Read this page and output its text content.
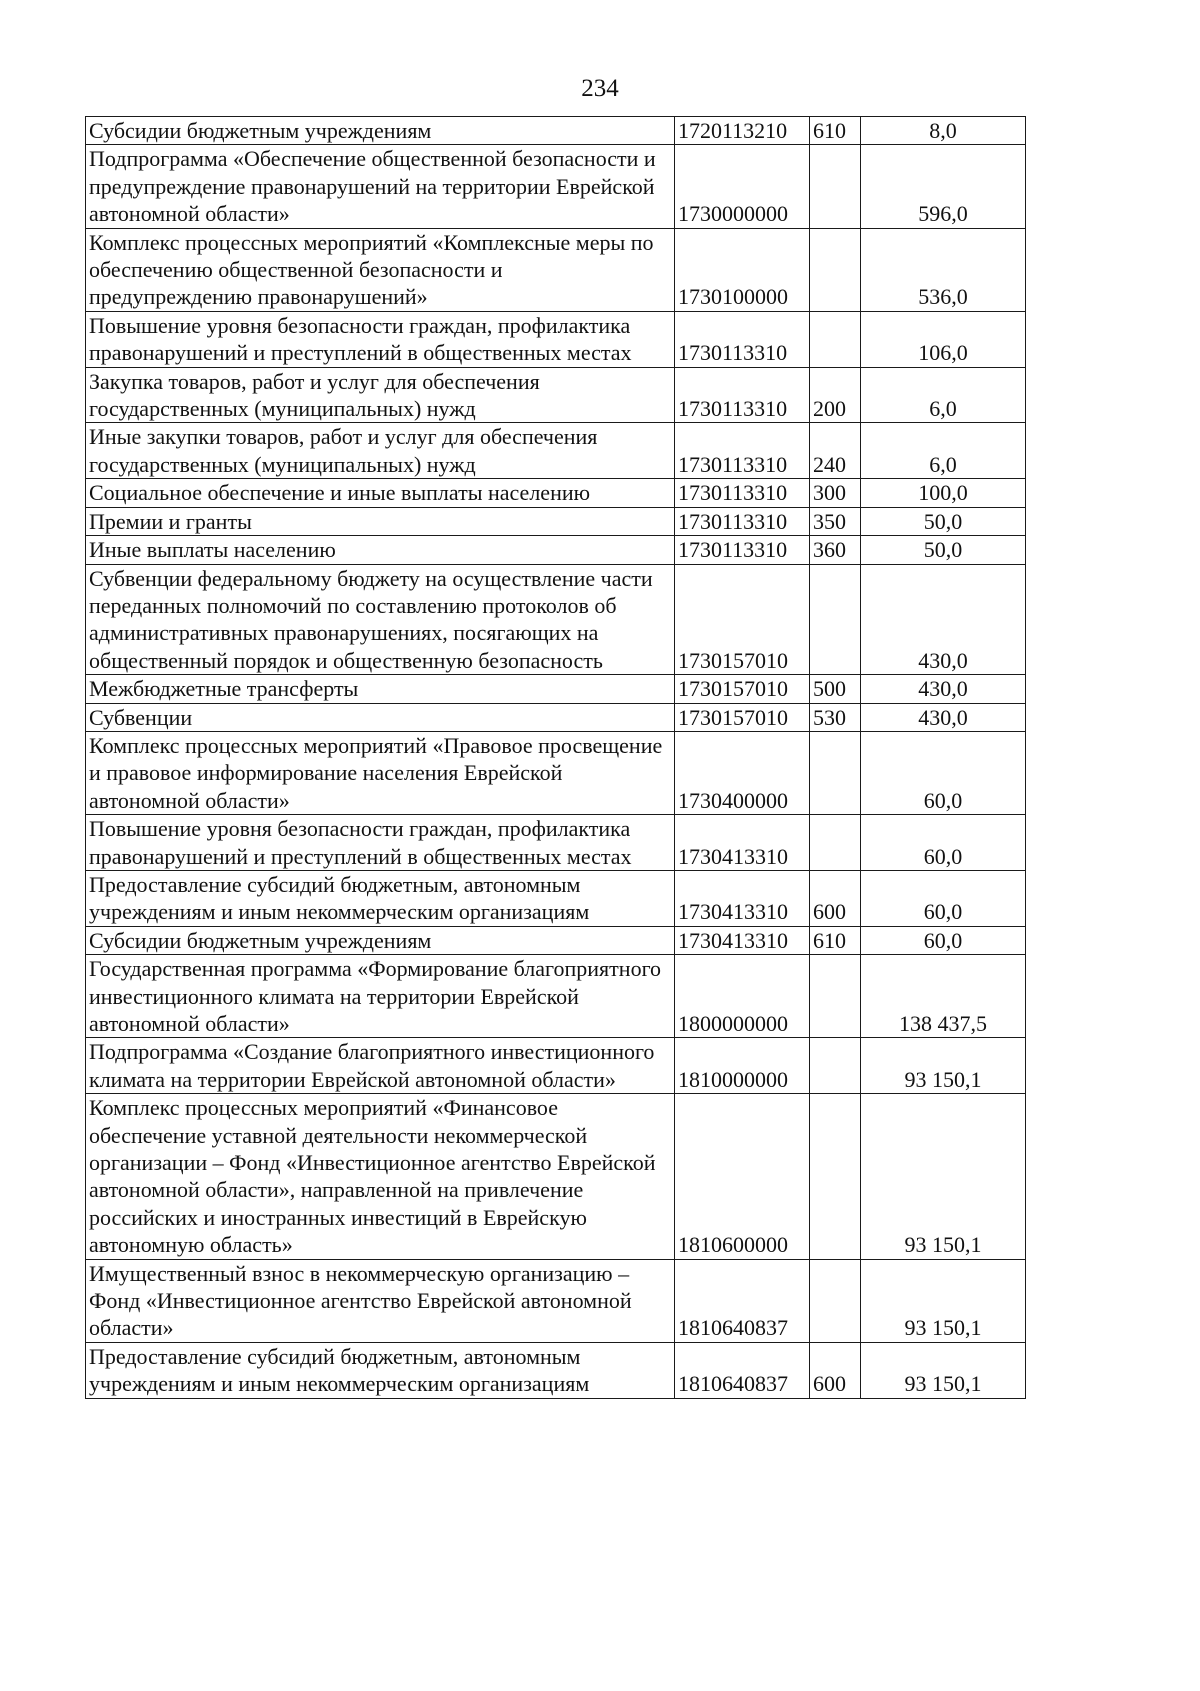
234
Субсидии бюджетным учреждениям	1720113210	610	8,0
Подпрограмма «Обеспечение общественной безопасности и предупреждение правонарушений на территории Еврейской автономной области»	1730000000		596,0
Комплекс процессных мероприятий «Комплексные меры по обеспечению общественной безопасности и предупреждению правонарушений»	1730100000		536,0
Повышение уровня безопасности граждан, профилактика правонарушений и преступлений в общественных местах	1730113310		106,0
Закупка товаров, работ и услуг для обеспечения государственных (муниципальных) нужд	1730113310	200	6,0
Иные закупки товаров, работ и услуг для обеспечения государственных (муниципальных) нужд	1730113310	240	6,0
Социальное обеспечение и иные выплаты населению	1730113310	300	100,0
Премии и гранты	1730113310	350	50,0
Иные выплаты населению	1730113310	360	50,0
Субвенции федеральному бюджету на осуществление части переданных полномочий по составлению протоколов об административных правонарушениях, посягающих на общественный порядок и общественную безопасность	1730157010		430,0
Межбюджетные трансферты	1730157010	500	430,0
Субвенции	1730157010	530	430,0
Комплекс процессных мероприятий «Правовое просвещение и правовое информирование населения Еврейской автономной области»	1730400000		60,0
Повышение уровня безопасности граждан, профилактика правонарушений и преступлений в общественных местах	1730413310		60,0
Предоставление субсидий бюджетным, автономным учреждениям и иным некоммерческим организациям	1730413310	600	60,0
Субсидии бюджетным учреждениям	1730413310	610	60,0
Государственная программа «Формирование благоприятного инвестиционного климата на территории Еврейской автономной области»	1800000000		138 437,5
Подпрограмма «Создание благоприятного инвестиционного климата на территории Еврейской автономной области»	1810000000		93 150,1
Комплекс процессных мероприятий «Финансовое обеспечение уставной деятельности некоммерческой организации – Фонд «Инвестиционное агентство Еврейской автономной области», направленной на привлечение российских и иностранных инвестиций в Еврейскую автономную область»	1810600000		93 150,1
Имущественный взнос в некоммерческую организацию – Фонд «Инвестиционное агентство Еврейской автономной области»	1810640837		93 150,1
Предоставление субсидий бюджетным, автономным учреждениям и иным некоммерческим организациям	1810640837	600	93 150,1
